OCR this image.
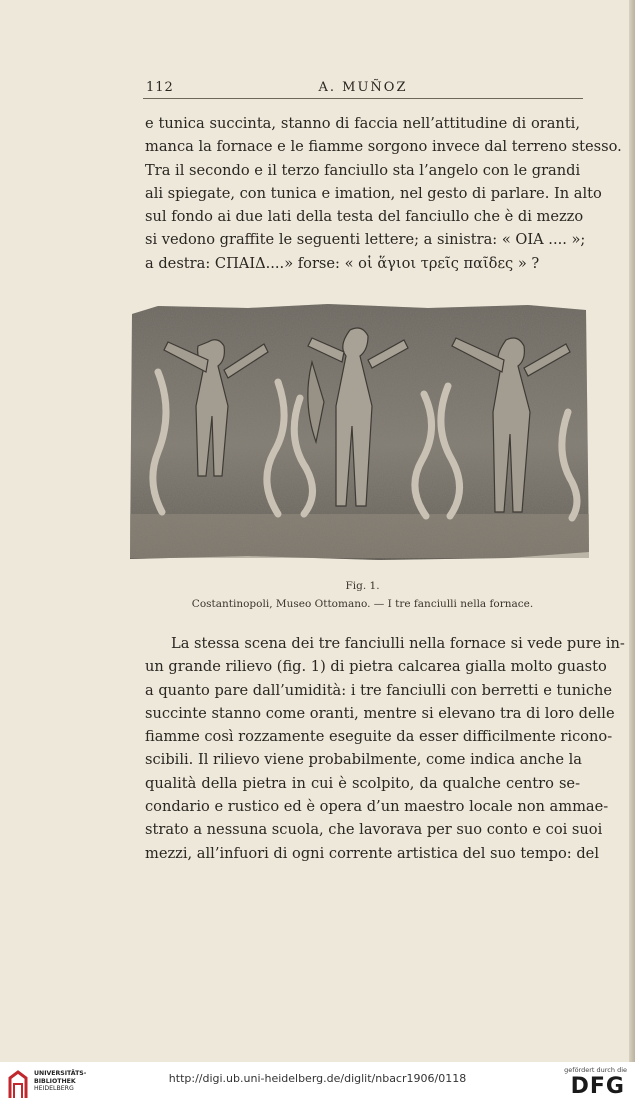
112	A. MUÑOZ
e tunica succinta, stanno di faccia nell’attitudine di oranti,
manca la fornace e le fiamme sorgono invece dal terreno stesso.
Tra il secondo e il terzo fanciullo sta l’angelo con le grandi
ali spiegate, con tunica e imation, nel gesto di parlare. In alto
sul fondo ai due lati della testa del fanciullo che è di mezzo
si vedono graffite le seguenti lettere; a sinistra: « ΟΙΑ .... »;
a destra: CΠΑΙΔ....» forse: « οἱ ἅγιοι τρεῖς παῖδες » ?
Fig. 1.
Costantinopoli, Museo Ottomano. — I tre fanciulli nella fornace.
La stessa scena dei tre fanciulli nella fornace si vede pure in-
un grande rilievo (fig. 1) di pietra calcarea gialla molto guasto
a quanto pare dall’umidità: i tre fanciulli con berretti e tuniche
succinte stanno come oranti, mentre si elevano tra di loro delle
fiamme così rozzamente eseguite da esser difficilmente ricono-
scibili. Il rilievo viene probabilmente, come indica anche la
qualità della pietra in cui è scolpito, da qualche centro se-
condario e rustico ed è opera d’un maestro locale non ammae-
strato a nessuna scuola, che lavorava per suo conto e coi suoi
mezzi, all’infuori di ogni corrente artistica del suo tempo: del
UNIVERSITÄTS-
BIBLIOTHEK
HEIDELBERG
http://digi.ub.uni-heidelberg.de/diglit/nbacr1906/0118
gefördert durch die
DFG
